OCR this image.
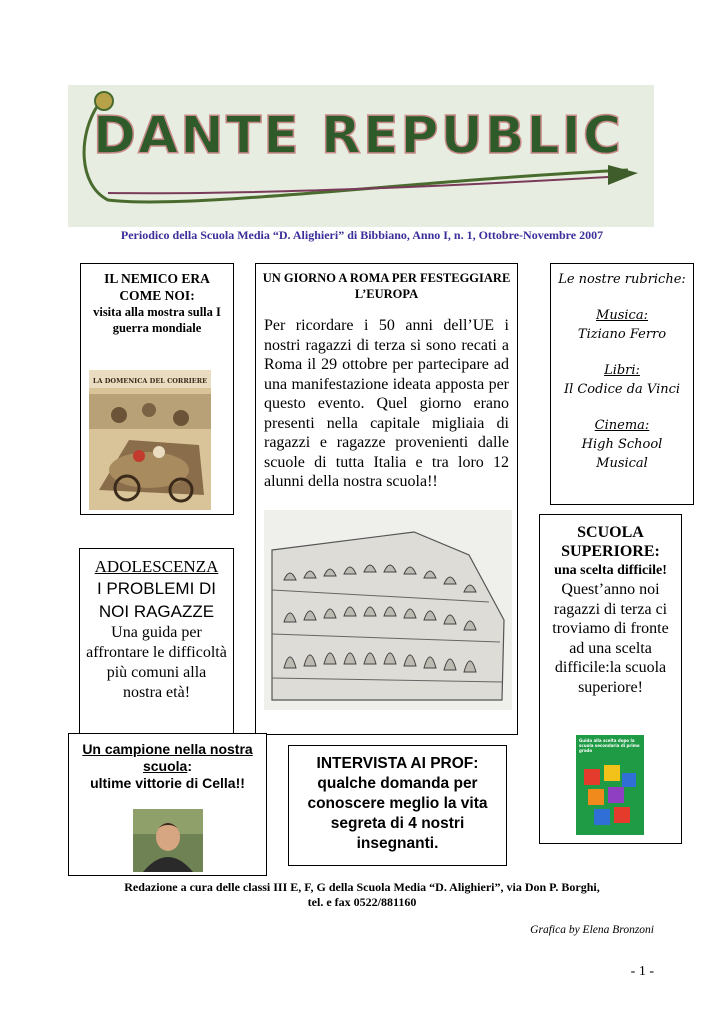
DANTE REPUBLIC
Periodico della Scuola Media “D. Alighieri” di Bibbiano, Anno I, n. 1, Ottobre-Novembre 2007
IL NEMICO ERA COME NOI:
visita alla mostra sulla I guerra mondiale
LA DOMENICA DEL CORRIERE
UN GIORNO A ROMA PER FESTEGGIARE L’EUROPA
Per ricordare i 50 anni dell’UE i nostri ragazzi di terza si sono recati a Roma il 29 ottobre per partecipare ad una manifestazione ideata apposta per questo evento. Quel giorno erano presenti nella capitale migliaia di ragazzi e ragazze provenienti dalle scuole di tutta Italia e tra loro 12 alunni della nostra scuola!!
Le nostre rubriche:
Musica:
Tiziano Ferro
Libri:
Il Codice da Vinci
Cinema:
High School Musical
ADOLESCENZA
I PROBLEMI DI NOI RAGAZZE
Una guida per affrontare le difficoltà più comuni alla nostra età!
SCUOLA SUPERIORE:
una scelta difficile!
Quest’anno noi ragazzi di terza ci troviamo di fronte ad una scelta difficile:la scuola superiore!
Guida alla scelta dopo la scuola secondaria di primo grado
Un campione nella nostra scuola:
ultime vittorie di Cella!!
INTERVISTA AI PROF: qualche domanda per conoscere meglio la vita segreta di 4 nostri insegnanti.
Redazione a cura delle classi III E, F, G della Scuola Media “D. Alighieri”, via Don P. Borghi,
tel. e fax 0522/881160
Grafica by Elena Bronzoni
- 1 -
